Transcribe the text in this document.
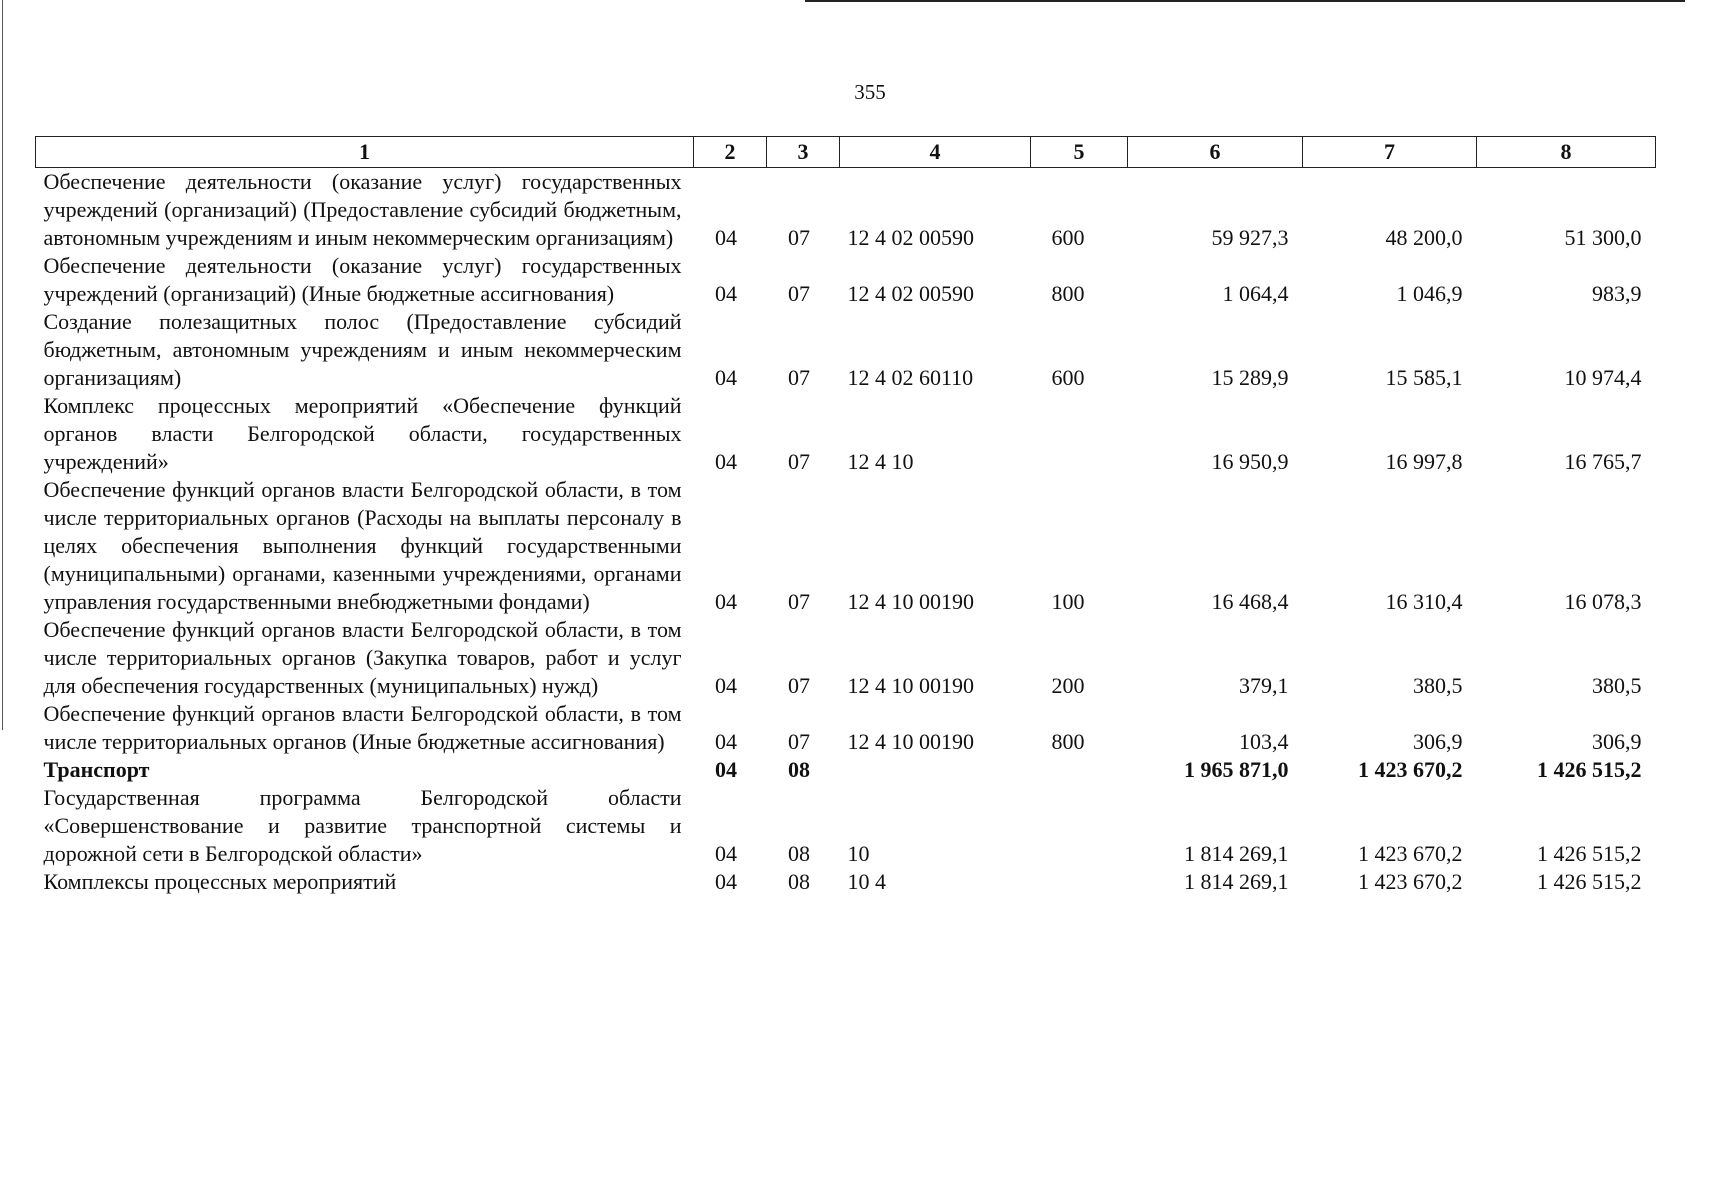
355
1	2	3	4	5	6	7	8
Обеспечение деятельности (оказание услуг) государственных учреждений (организаций) (Предоставление субсидий бюджетным, автономным учреждениям и иным некоммерческим организациям)	04	07	12 4 02 00590	600	59 927,3	48 200,0	51 300,0
Обеспечение деятельности (оказание услуг) государственных учреждений (организаций) (Иные бюджетные ассигнования)	04	07	12 4 02 00590	800	1 064,4	1 046,9	983,9
Создание полезащитных полос (Предоставление субсидий бюджетным, автономным учреждениям и иным некоммерческим организациям)	04	07	12 4 02 60110	600	15 289,9	15 585,1	10 974,4
Комплекс процессных мероприятий «Обеспечение функций органов власти Белгородской области, государственных учреждений»	04	07	12 4 10		16 950,9	16 997,8	16 765,7
Обеспечение функций органов власти Белгородской области, в том числе территориальных органов (Расходы на выплаты персоналу в целях обеспечения выполнения функций государственными (муниципальными) органами, казенными учреждениями, органами управления государственными внебюджетными фондами)	04	07	12 4 10 00190	100	16 468,4	16 310,4	16 078,3
Обеспечение функций органов власти Белгородской области, в том числе территориальных органов (Закупка товаров, работ и услуг для обеспечения государственных (муниципальных) нужд)	04	07	12 4 10 00190	200	379,1	380,5	380,5
Обеспечение функций органов власти Белгородской области, в том числе территориальных органов (Иные бюджетные ассигнования)	04	07	12 4 10 00190	800	103,4	306,9	306,9
Транспорт	04	08			1 965 871,0	1 423 670,2	1 426 515,2
Государственная программа Белгородской области «Совершенствование и развитие транспортной системы и дорожной сети в Белгородской области»	04	08	10		1 814 269,1	1 423 670,2	1 426 515,2
Комплексы процессных мероприятий	04	08	10 4		1 814 269,1	1 423 670,2	1 426 515,2
